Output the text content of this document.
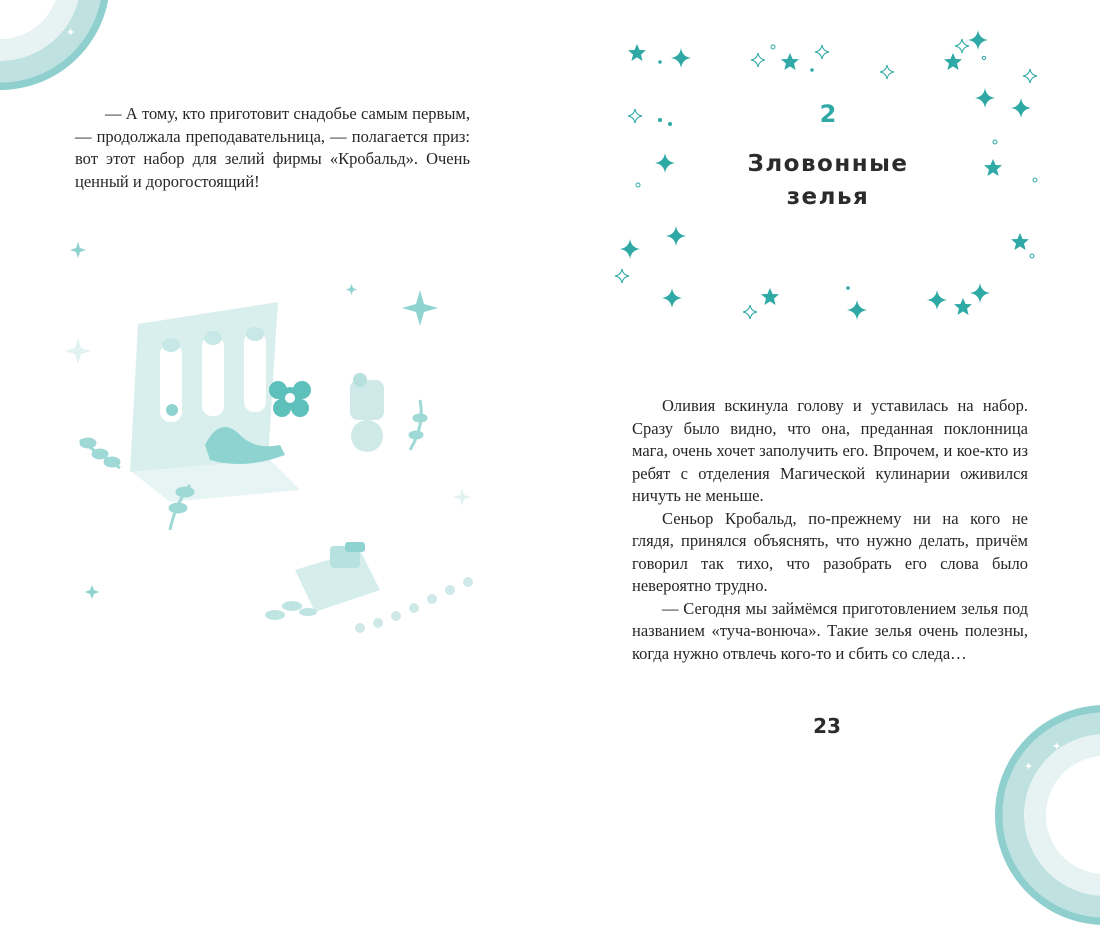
✦
✦
✦
✦

— А тому, кто приготовит снадобье самым первым, — продолжала преподавательница, — полагается приз: вот этот набор для зелий фирмы «Кробальд». Очень ценный и дорогостоящий!

2
Зловонные
зелья

Оливия вскинула голову и уставилась на набор. Сразу было видно, что она, преданная поклонница мага, очень хочет заполучить его. Впрочем, и кое-кто из ребят с отделения Магической кулинарии оживился ничуть не меньше.

Сеньор Кробальд, по-прежнему ни на кого не глядя, принялся объяснять, что нужно делать, причём говорил так тихо, что разобрать его слова было невероятно трудно.

— Сегодня мы займёмся приготовлением зелья под названием «туча-вонюча». Такие зелья очень полезны, когда нужно отвлечь кого-то и сбить со следа…

23
